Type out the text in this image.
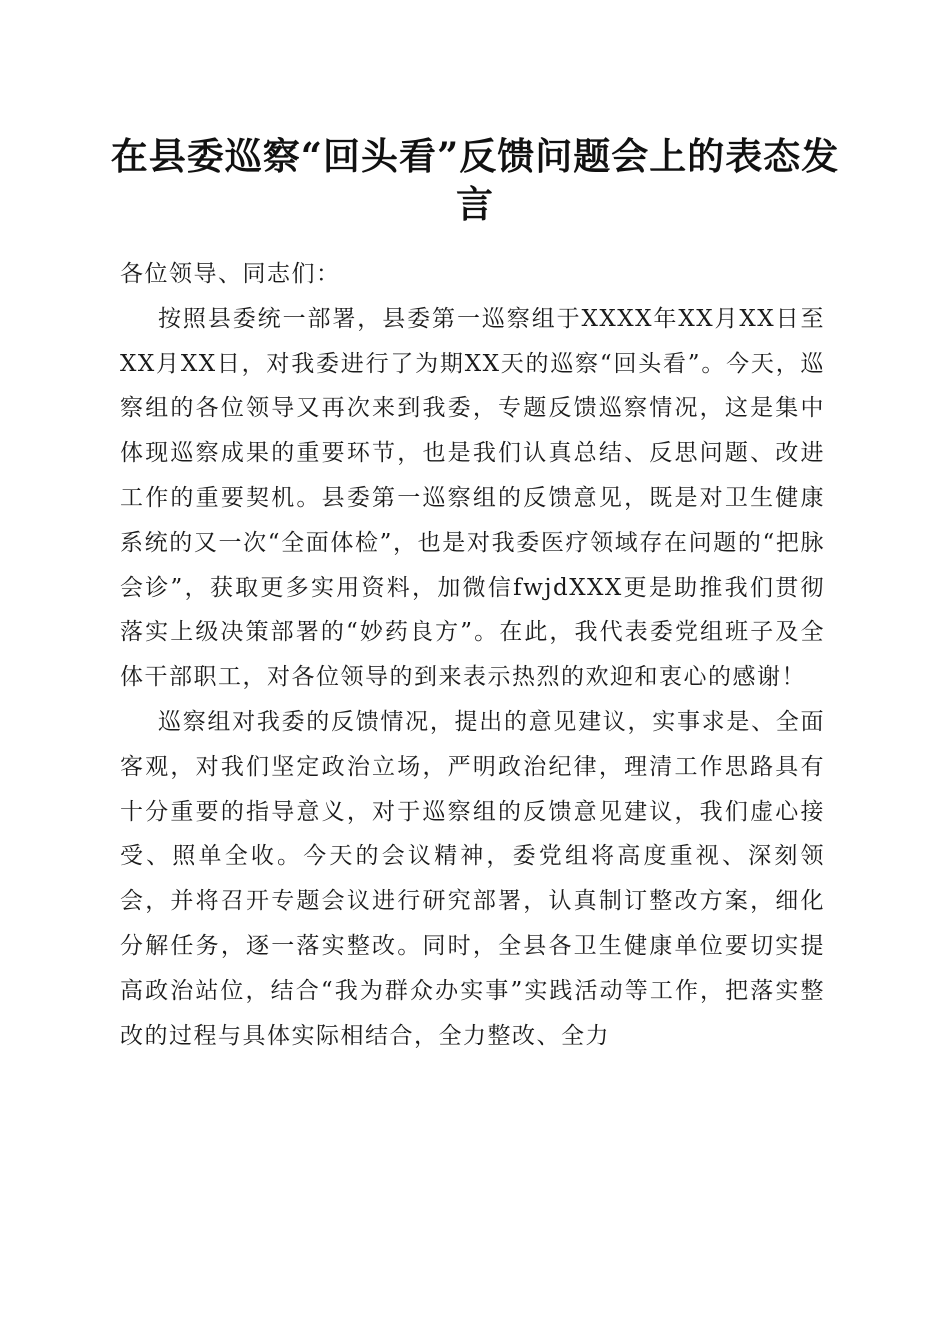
在县委巡察“回头看”反馈问题会上的表态发言

各位领导、同志们：

按照县委统一部署，县委第一巡察组于XXXX年XX月XX日至XX月XX日，对我委进行了为期XX天的巡察“回头看”。今天，巡察组的各位领导又再次来到我委，专题反馈巡察情况，这是集中体现巡察成果的重要环节，也是我们认真总结、反思问题、改进工作的重要契机。县委第一巡察组的反馈意见，既是对卫生健康系统的又一次“全面体检”，也是对我委医疗领域存在问题的“把脉会诊”，获取更多实用资料，加微信fwjdXXX更是助推我们贯彻落实上级决策部署的“妙药良方”。在此，我代表委党组班子及全体干部职工，对各位领导的到来表示热烈的欢迎和衷心的感谢！

巡察组对我委的反馈情况，提出的意见建议，实事求是、全面客观，对我们坚定政治立场，严明政治纪律，理清工作思路具有十分重要的指导意义，对于巡察组的反馈意见建议，我们虚心接受、照单全收。今天的会议精神，委党组将高度重视、深刻领会，并将召开专题会议进行研究部署，认真制订整改方案，细化分解任务，逐一落实整改。同时，全县各卫生健康单位要切实提高政治站位，结合“我为群众办实事”实践活动等工作，把落实整改的过程与具体实际相结合，全力整改、全力
